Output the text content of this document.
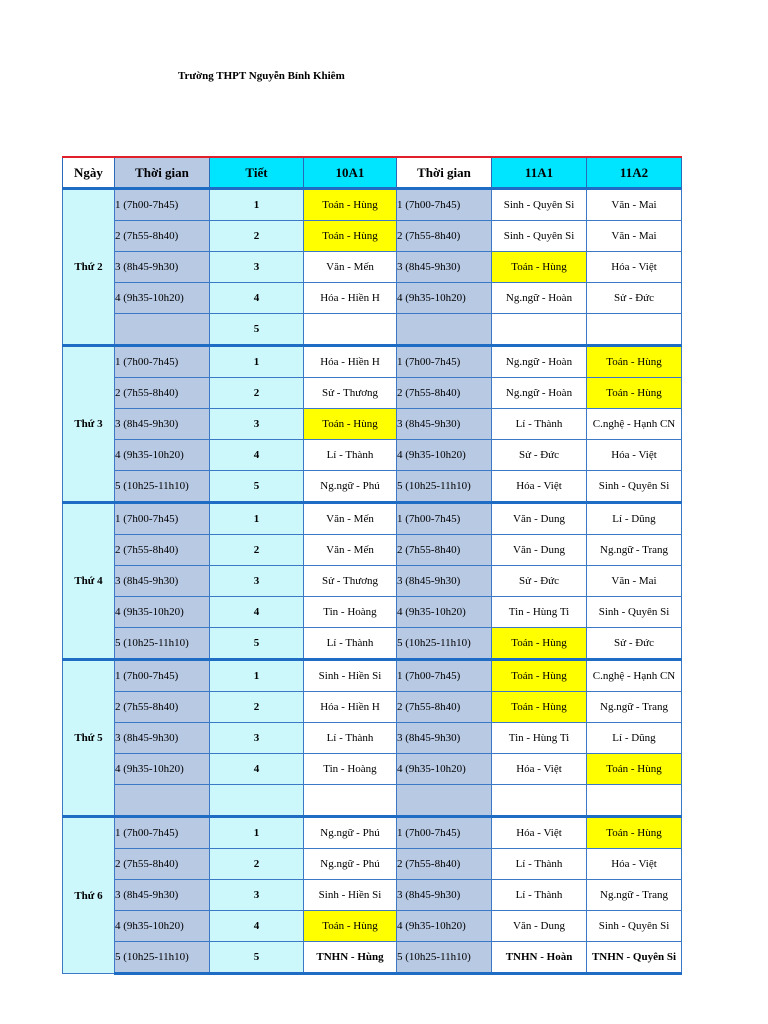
Trường THPT Nguyễn Bỉnh Khiêm
Ngày	Thời gian	Tiết	10A1	Thời gian	11A1	11A2
Thứ 2	1 (7h00-7h45)	1	Toán - Hùng	1 (7h00-7h45)	Sinh - Quyên Si	Văn - Mai
	2 (7h55-8h40)	2	Toán - Hùng	2 (7h55-8h40)	Sinh - Quyên Si	Văn - Mai
	3 (8h45-9h30)	3	Văn - Mến	3 (8h45-9h30)	Toán - Hùng	Hóa - Việt
	4 (9h35-10h20)	4	Hóa - Hiền H	4 (9h35-10h20)	Ng.ngữ - Hoàn	Sử - Đức
		5				
Thứ 3	1 (7h00-7h45)	1	Hóa - Hiền H	1 (7h00-7h45)	Ng.ngữ - Hoàn	Toán - Hùng
	2 (7h55-8h40)	2	Sử - Thương	2 (7h55-8h40)	Ng.ngữ - Hoàn	Toán - Hùng
	3 (8h45-9h30)	3	Toán - Hùng	3 (8h45-9h30)	Lí - Thành	C.nghệ - Hạnh CN
	4 (9h35-10h20)	4	Lí - Thành	4 (9h35-10h20)	Sử - Đức	Hóa - Việt
	5 (10h25-11h10)	5	Ng.ngữ - Phú	5 (10h25-11h10)	Hóa - Việt	Sinh - Quyên Si
Thứ 4	1 (7h00-7h45)	1	Văn - Mến	1 (7h00-7h45)	Văn - Dung	Lí - Dũng
	2 (7h55-8h40)	2	Văn - Mến	2 (7h55-8h40)	Văn - Dung	Ng.ngữ - Trang
	3 (8h45-9h30)	3	Sử - Thương	3 (8h45-9h30)	Sử - Đức	Văn - Mai
	4 (9h35-10h20)	4	Tin - Hoàng	4 (9h35-10h20)	Tin - Hùng Ti	Sinh - Quyên Si
	5 (10h25-11h10)	5	Lí - Thành	5 (10h25-11h10)	Toán - Hùng	Sử - Đức
Thứ 5	1 (7h00-7h45)	1	Sinh - Hiền Si	1 (7h00-7h45)	Toán - Hùng	C.nghệ - Hạnh CN
	2 (7h55-8h40)	2	Hóa - Hiền H	2 (7h55-8h40)	Toán - Hùng	Ng.ngữ - Trang
	3 (8h45-9h30)	3	Lí - Thành	3 (8h45-9h30)	Tin - Hùng Ti	Lí - Dũng
	4 (9h35-10h20)	4	Tin - Hoàng	4 (9h35-10h20)	Hóa - Việt	Toán - Hùng

Thứ 6	1 (7h00-7h45)	1	Ng.ngữ - Phú	1 (7h00-7h45)	Hóa - Việt	Toán - Hùng
	2 (7h55-8h40)	2	Ng.ngữ - Phú	2 (7h55-8h40)	Lí - Thành	Hóa - Việt
	3 (8h45-9h30)	3	Sinh - Hiền Si	3 (8h45-9h30)	Lí - Thành	Ng.ngữ - Trang
	4 (9h35-10h20)	4	Toán - Hùng	4 (9h35-10h20)	Văn - Dung	Sinh - Quyên Si
	5 (10h25-11h10)	5	TNHN - Hùng	5 (10h25-11h10)	TNHN - Hoàn	TNHN - Quyên Si
